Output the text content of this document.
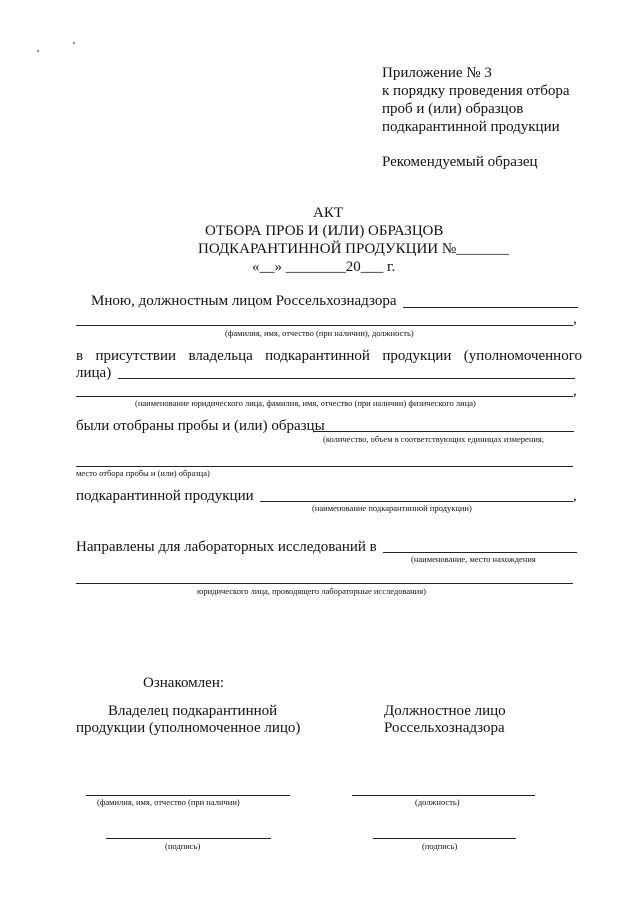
Приложение № 3
к порядку проведения отбора
проб и (или) образцов
подкарантинной продукции
Рекомендуемый образец
АКТ
ОТБОРА ПРОБ И (ИЛИ) ОБРАЗЦОВ
ПОДКАРАНТИННОЙ ПРОДУКЦИИ №_______
«__» ________20___ г.
Мною, должностным лицом Россельхознадзора
,
(фамилия, имя, отчество (при наличии), должность)
в присутствии владельца подкарантинной продукции (уполномоченного
лица)
,
(наименование юридического лица, фамилия, имя, отчество (при наличии) физического лица)
были отобраны пробы и (или) образцы
(количество, объем в соответствующих единицах измерения,
место отбора пробы и (или) образца)
подкарантинной продукции	,
(наименование подкарантинной продукции)
Направлены для лабораторных исследований в
(наименование, место нахождения
юридического лица, проводящего лабораторные исследования)
Ознакомлен:
Владелец подкарантинной
продукции (уполномоченное лицо)
Должностное лицо
Россельхознадзора
(фамилия, имя, отчество (при наличии)	(должность)
(подпись)	(подпись)
